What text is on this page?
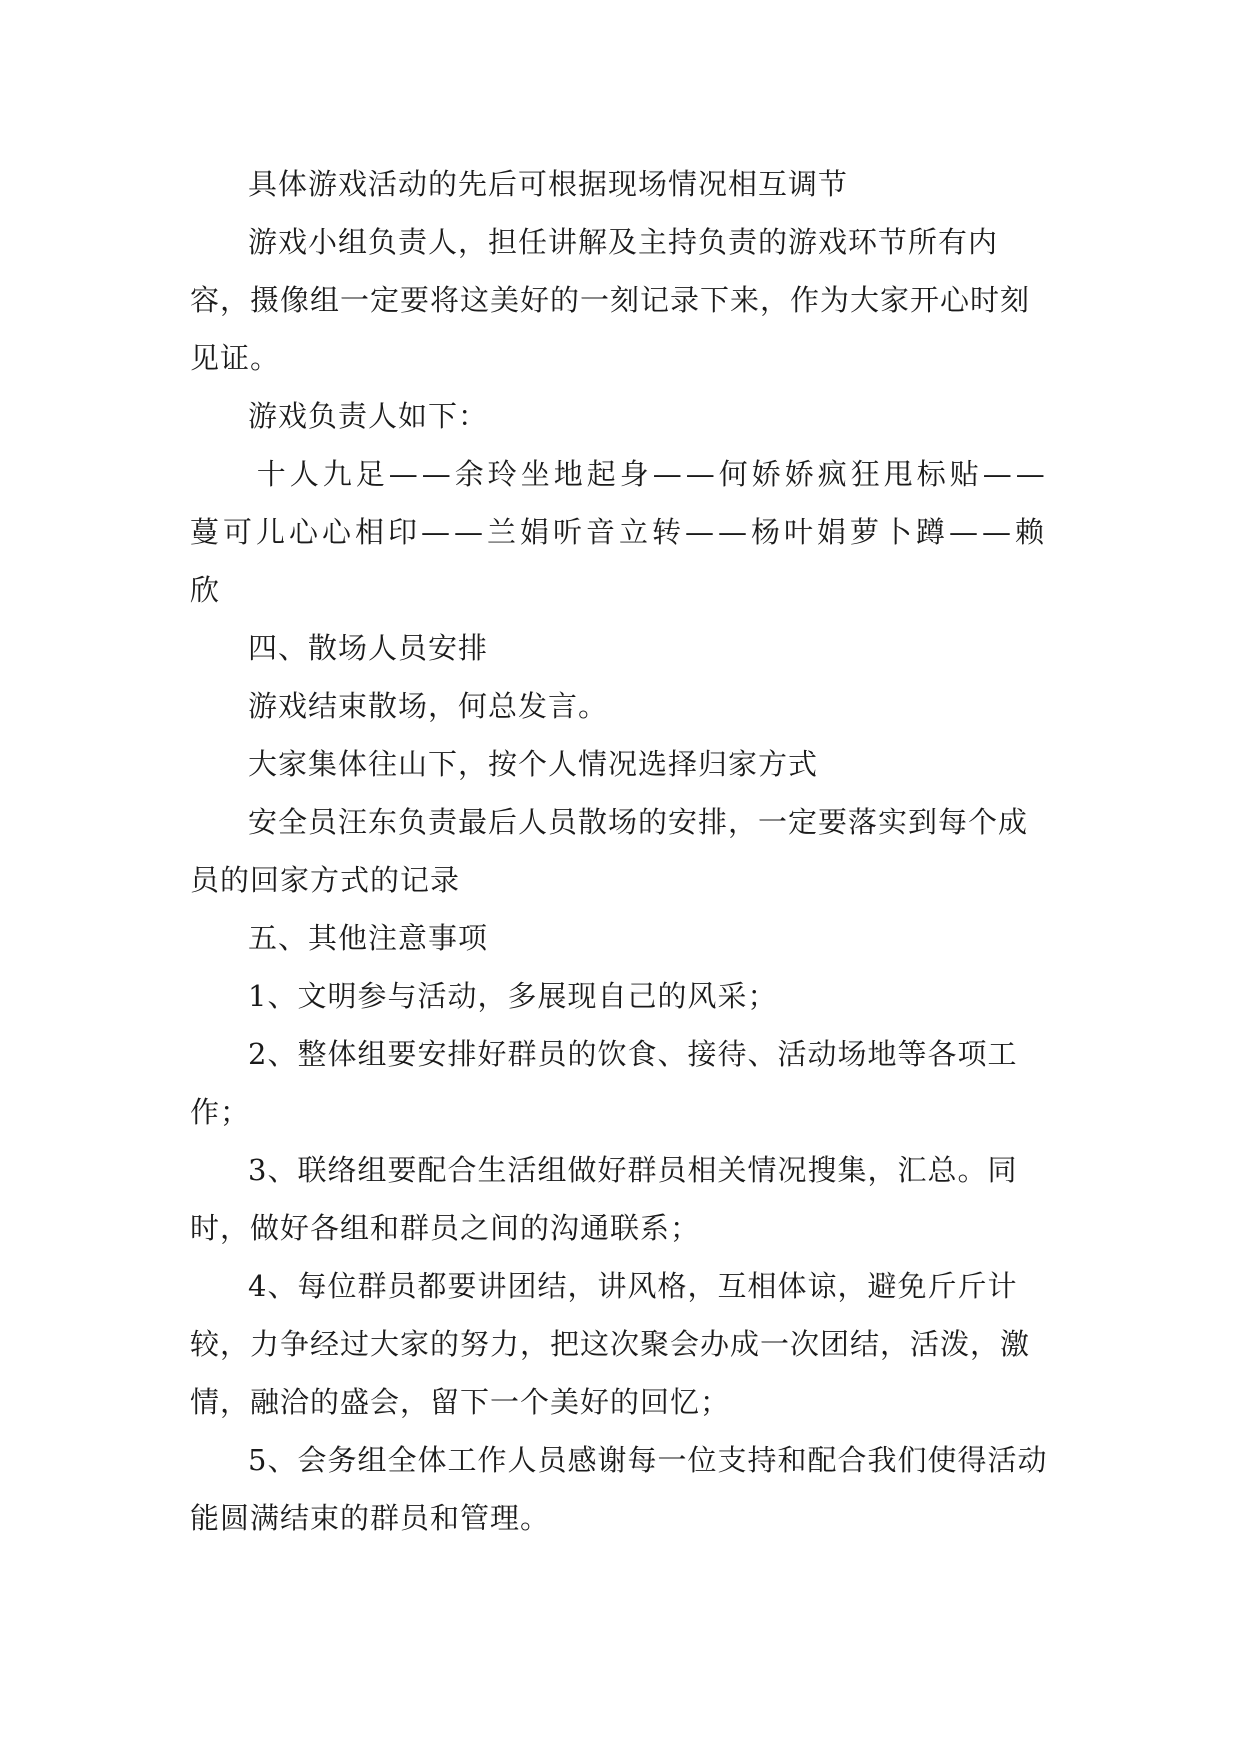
具体游戏活动的先后可根据现场情况相互调节

游戏小组负责人，担任讲解及主持负责的游戏环节所有内容，摄像组一定要将这美好的一刻记录下来，作为大家开心时刻见证。

游戏负责人如下：

十人九足——余玲坐地起身——何娇娇疯狂甩标贴——蔓可儿心心相印——兰娟听音立转——杨叶娟萝卜蹲——赖欣

四、散场人员安排

游戏结束散场，何总发言。

大家集体往山下，按个人情况选择归家方式

安全员汪东负责最后人员散场的安排，一定要落实到每个成员的回家方式的记录

五、其他注意事项

1、文明参与活动，多展现自己的风采；

2、整体组要安排好群员的饮食、接待、活动场地等各项工作；

3、联络组要配合生活组做好群员相关情况搜集，汇总。同时，做好各组和群员之间的沟通联系；

4、每位群员都要讲团结，讲风格，互相体谅，避免斤斤计较，力争经过大家的努力，把这次聚会办成一次团结，活泼，激情，融洽的盛会，留下一个美好的回忆；

5、会务组全体工作人员感谢每一位支持和配合我们使得活动能圆满结束的群员和管理。
